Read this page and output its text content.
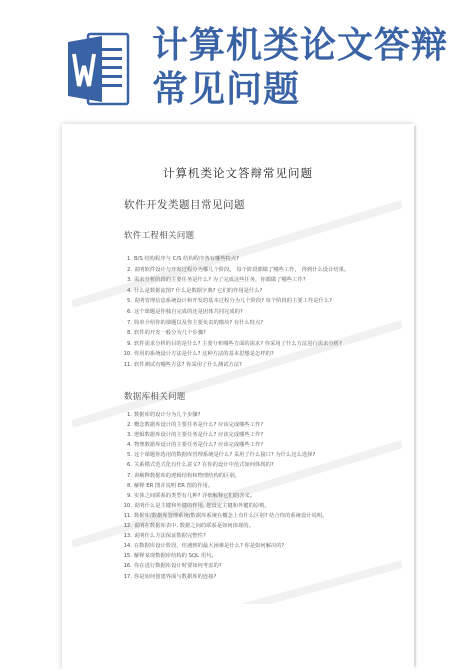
计算机类论文答辩
常见问题
计算机类论文答辩常见问题
软件开发类题目常见问题
软件工程相关问题
1. B/S 结构程序与 C/S 结构程序各有哪些特点?
2. 说明软件设计与开发过程分为哪几个阶段。 每个阶段都做了哪些工作， 得到什么设计结果。
3. 需求分析阶段的主要任务是什么? 为了完成这些任务，你都做了哪些工作?
4. 什么是数据流图? 什么是数据字典? 它们的作用是什么?
5. 说明管理信息系统设计和开发的基本过程分为几个阶段? 每个阶段的主要工作是什么?
6. 这个课题是你独自完成的还是团体共同完成的?
7. 简单介绍你的课题以及你主要负责的模块? 有什么特点?
8. 软件的开发一般分为几个步骤?
9. 软件需求分析的目的是什么? 主要分析哪些方面的需求? 你采用了什么方法进行需求分析?
10. 你用的系统设计方法是什么? 这种方法的基本思想是怎样的?
11. 软件测试有哪些方法? 你采用了什么测试方法?
数据库相关问题
1. 数据库的设计分为几个步骤?
2. 概念数据库设计的主要任务是什么? 应该完成哪些工作?
3. 逻辑数据库设计的主要任务是什么? 应该完成哪些工作?
4. 物理数据库设计的主要任务是什么? 应该完成哪些工作?
5. 这个课题你选用的数据库管理系统是什么? 采用了什么接口? 为什么这么选择?
6. 关系模式范式化有什么意义? 在你的设计中范式如何体现的?
7. 讲解释数据库的逻辑结构和物理结构的区别。
8. 解释 ER 图并说明 ER 图的作用。
9. 实体之间联系的类型有几种? 详细解释它们的含义。
10. 说明什么是主键和外键的作用, 您设定主键和外键的原则。
11. 数据库/数据库管理系统/数据库系统在概念上有什么区别? 结合你的系统设计说明。
12. 说明在数据库表中, 数据之间的联系是如何体现的。
13. 说明什么方法保证数据完整性?
14. 在数据库设计阶段，你遇到的最大困难是什么? 你是如何解决的?
15. 解释某现数据库结构的 SQL 语句。
16. 你在进行数据库设计时要如何考虑的?
17. 你是如何创建界面与数据库的连接?
